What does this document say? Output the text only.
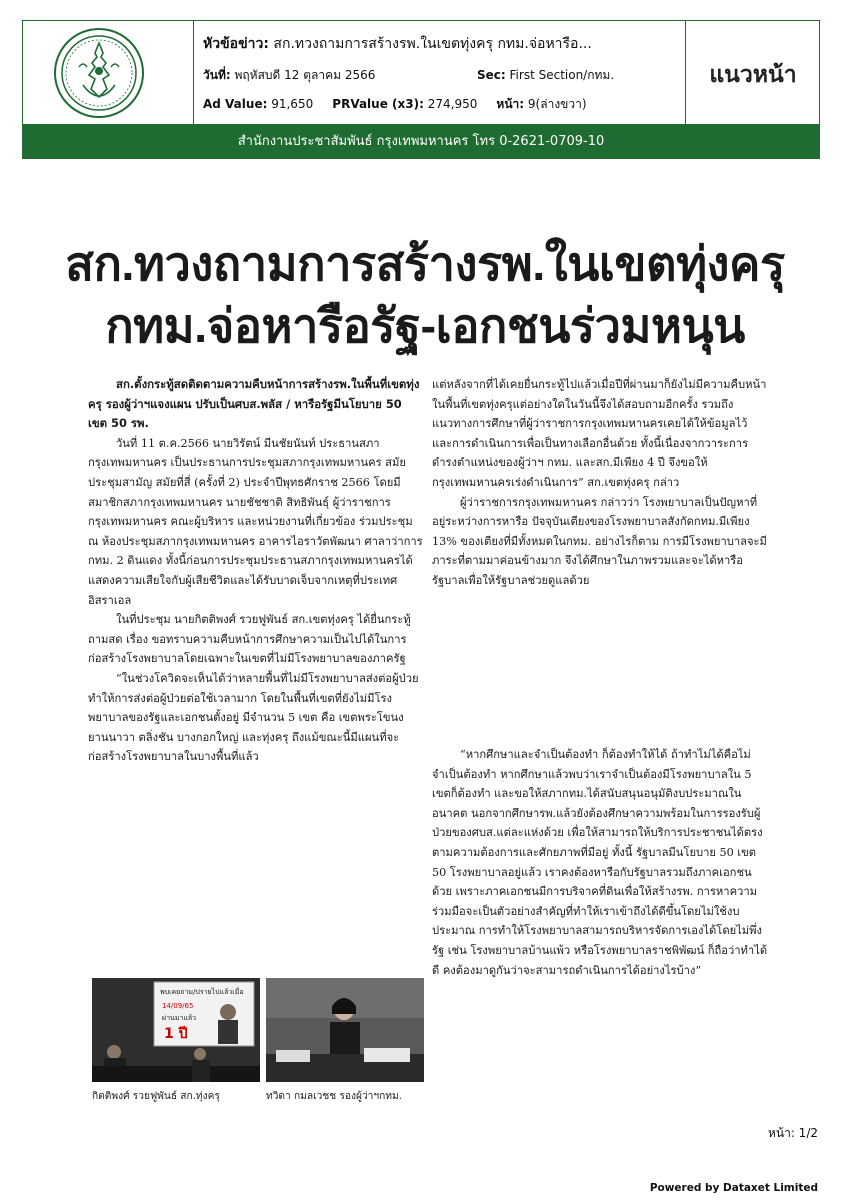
หัวข้อข่าว: สก.ทวงถามการสร้างรพ.ในเขตทุ่งครุ กทม.จ่อหารือ...
วันที่: พฤหัสบดี 12 ตุลาคม 2566	Sec: First Section/กทม.
Ad Value: 91,650 PRValue (x3): 274,950 หน้า: 9(ล่างขวา)
แนวหน้า
สำนักงานประชาสัมพันธ์ กรุงเทพมหานคร โทร 0-2621-0709-10
สก.ทวงถามการสร้างรพ.ในเขตทุ่งครุ
กทม.จ่อหารือรัฐ-เอกชนร่วมหนุน

สก.ตั้งกระทู้สดติดตามความคืบหน้าการสร้างรพ.ในพื้นที่เขตทุ่งครุ รองผู้ว่าฯแจงแผน ปรับเป็นศบส.พลัส / หารือรัฐมีนโยบาย 50 เขต 50 รพ.

วันที่ 11 ต.ค.2566 นายวิรัตน์ มีนชัยนันท์ ประธานสภากรุงเทพมหานคร เป็นประธานการประชุมสภากรุงเทพมหานคร สมัยประชุมสามัญ สมัยที่สี่ (ครั้งที่ 2) ประจำปีพุทธศักราช 2566 โดยมี สมาชิกสภากรุงเทพมหานคร นายชัชชาติ สิทธิพันธุ์ ผู้ว่าราชการกรุงเทพมหานคร คณะผู้บริหาร และหน่วยงานที่เกี่ยวข้อง ร่วมประชุม ณ ห้องประชุมสภากรุงเทพมหานคร อาคารไอราวัตพัฒนา ศาลาว่าการ กทม. 2 ดินแดง ทั้งนี้ก่อนการประชุมประธานสภากรุงเทพมหานครได้แสดงความเสียใจกับผู้เสียชีวิตและได้รับบาดเจ็บจากเหตุที่ประเทศอิสราเอล

ในที่ประชุม นายกิตติพงศ์ รวยฟูพันธ์ สก.เขตทุ่งครุ ได้ยื่นกระทู้ถามสด เรื่อง ขอทราบความคืบหน้าการศึกษาความเป็นไปได้ในการก่อสร้างโรงพยาบาลโดยเฉพาะในเขตที่ไม่มีโรงพยาบาลของภาครัฐ

“ในช่วงโควิดจะเห็นได้ว่าหลายพื้นที่ไม่มีโรงพยาบาลส่งต่อผู้ป่วย ทำให้การส่งต่อผู้ป่วยต่อใช้เวลามาก โดยในพื้นที่เขตที่ยังไม่มีโรงพยาบาลของรัฐและเอกชนตั้งอยู่ มีจำนวน 5 เขต คือ เขตพระโขนง ยานนาวา ตลิ่งชัน บางกอกใหญ่ และทุ่งครุ ถึงแม้ขณะนี้มีแผนที่จะก่อสร้างโรงพยาบาลในบางพื้นที่แล้ว

แต่หลังจากที่ได้เคยยื่นกระทู้ไปแล้วเมื่อปีที่ผ่านมาก็ยังไม่มีความคืบหน้าในพื้นที่เขตทุ่งครุแต่อย่างใดในวันนี้จึงได้สอบถามอีกครั้ง รวมถึงแนวทางการศึกษาที่ผู้ว่าราชการกรุงเทพมหานครเคยได้ให้ข้อมูลไว้ และการดำเนินการเพื่อเป็นทางเลือกอื่นด้วย ทั้งนี้เนื่องจากวาระการดำรงตำแหน่งของผู้ว่าฯ กทม. และสก.มีเพียง 4 ปี จึงขอให้กรุงเทพมหานครเร่งดำเนินการ” สก.เขตทุ่งครุ กล่าว

ผู้ว่าราชการกรุงเทพมหานคร กล่าวว่า โรงพยาบาลเป็นปัญหาที่อยู่ระหว่างการหารือ ปัจจุบันเตียงของโรงพยาบาลสังกัดกทม.มีเพียง 13% ของเตียงที่มีทั้งหมดในกทม. อย่างไรก็ตาม การมีโรงพยาบาลจะมีภาระที่ตามมาค่อนข้างมาก จึงได้ศึกษาในภาพรวมและจะได้หารือรัฐบาลเพื่อให้รัฐบาลช่วยดูแลด้วย

“หากศึกษาและจำเป็นต้องทำ ก็ต้องทำให้ได้ ถ้าทำไม่ได้คือไม่จำเป็นต้องทำ หากศึกษาแล้วพบว่าเราจำเป็นต้องมีโรงพยาบาลใน 5 เขตก็ต้องทำ และขอให้สภากทม.ได้สนับสนุนอนุมัติงบประมาณในอนาคต นอกจากศึกษารพ.แล้วยังต้องศึกษาความพร้อมในการรองรับผู้ป่วยของศบส.แต่ละแห่งด้วย เพื่อให้สามารถให้บริการประชาชนได้ตรงตามความต้องการและศักยภาพที่มีอยู่ ทั้งนี้ รัฐบาลมีนโยบาย 50 เขต 50 โรงพยาบาลอยู่แล้ว เราคงต้องหารือกับรัฐบาลรวมถึงภาคเอกชนด้วย เพราะภาคเอกชนมีการบริจาคที่ดินเพื่อให้สร้างรพ. การหาความร่วมมือจะเป็นตัวอย่างสำคัญที่ทำให้เราเข้าถึงได้ดีขึ้นโดยไม่ใช้งบประมาณ การทำให้โรงพยาบาลสามารถบริหารจัดการเองได้โดยไม่พึ่งรัฐ เช่น โรงพยาบาลบ้านแพ้ว หรือโรงพยาบาลราชพิพัฒน์ ก็ถือว่าทำได้ดี คงต้องมาดูกันว่าจะสามารถดำเนินการได้อย่างไรบ้าง”

พบเคยถาม/ปรายไปแล้วเมื่อ
14/09/65
ผ่านมาแล้ว
1 ปี
กิตติพงศ์ รวยฟูพันธ์ สก.ทุ่งครุ	ทวิดา กมลเวชช รองผู้ว่าฯกทม.
หน้า: 1/2
Powered by Dataxet Limited
